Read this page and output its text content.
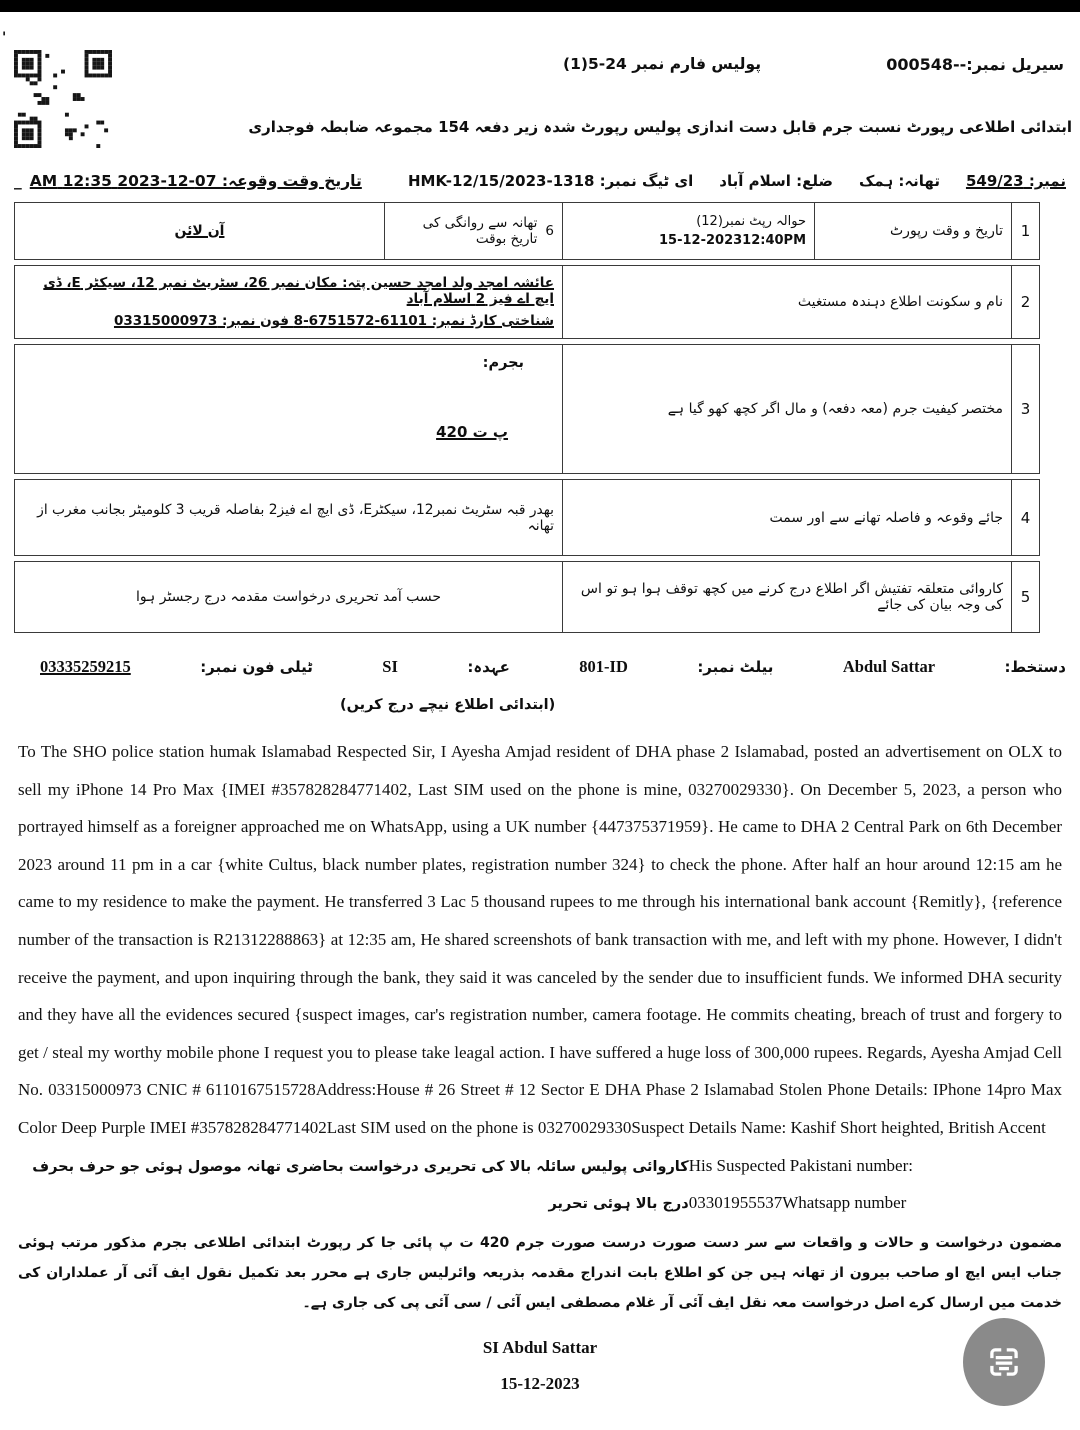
'
سیریل نمبر:--000548
پولیس فارم نمبر 24-5(1)
ابتدائی اطلاعی رپورٹ نسبت جرم قابل دست اندازی پولیس رپورٹ شدہ زیر دفعہ 154 مجموعہ ضابطہ فوجداری
_ تاریخ وقت وقوعہ: 07-12-2023 12:35 AM	نمبر: 549/23
تھانہ: ہمک
ضلع: اسلام آباد
ای ٹیگ نمبر: HMK-12/15/2023-1318
1
تاریخ و وقت رپورٹ
حوالہ رپٹ نمبر(12)
15-12-202312:40PM
6
تھانہ سے روانگی کی تاریخ بوقت
آن لائن
2
نام و سکونت اطلاع دہندہ مستغیث
عائشہ امجد ولد امجد حسین پتہ: مکان نمبر 26، سٹریٹ نمبر 12، سیکٹر E، ڈی ایچ اے فیز 2 اسلام آباد
شناختی کارڈ نمبر: 61101-6751572-8 فون نمبر: 03315000973
3
مختصر کیفیت جرم (معہ دفعہ) و مال اگر کچھ کھو گیا ہے
بجرم:
پ ت 420
4
جائے وقوعہ و فاصلہ تھانے سے اور سمت
بھدر قبہ سٹریٹ نمبر12، سیکٹرE، ڈی ایچ اے فیز2 بفاصلہ قریب 3 کلومیٹر بجانب مغرب از تھانہ
5
کاروائی متعلقہ تفتیش اگر اطلاع درج کرنے میں کچھ توقف ہوا ہو تو اس کی وجہ بیان کی جائے
حسب آمد تحریری درخواست مقدمہ درج رجسٹر ہوا
دستخط:
Abdul Sattar
بیلٹ نمبر:
801-ID
عہدہ:
SI
ٹیلی فون نمبر:
03335259215
(ابتدائی اطلاع نیچے درج کریں)
To The SHO police station humak Islamabad Respected Sir, I Ayesha Amjad resident of DHA phase 2 Islamabad, posted an advertisement on OLX to sell my iPhone 14 Pro Max {IMEI #357828284771402, Last SIM used on the phone is mine, 03270029330}. On December 5, 2023, a person who portrayed himself as a foreigner approached me on WhatsApp, using a UK number {447375371959}. He came to DHA 2 Central Park on 6th December 2023 around 11 pm in a car {white Cultus, black number plates, registration number 324} to check the phone. After half an hour around 12:15 am he came to my residence to make the payment. He transferred 3 Lac 5 thousand rupees to me through his international bank account {Remitly}, {reference number of the transaction is R21312288863} at 12:35 am, He shared screenshots of bank transaction with me, and left with my phone. However, I didn't receive the payment, and upon inquiring through the bank, they said it was canceled by the sender due to insufficient funds. We informed DHA security and they have all the evidences secured {suspect images, car's registration number, camera footage. He commits cheating, breach of trust and forgery to get / steal my worthy mobile phone I request you to please take leagal action. I have suffered a huge loss of 300,000 rupees. Regards, Ayesha Amjad Cell No. 03315000973 CNIC # 6110167515728Address:House # 26 Street # 12 Sector E DHA Phase 2 Islamabad Stolen Phone Details: IPhone 14pro Max Color Deep Purple IMEI #357828284771402Last SIM used on the phone is 03270029330Suspect Details Name: Kashif Short heighted, British Accent
کاروائی پولیس سائلہ بالا کی تحریری درخواست بحاضری تھانہ موصول ہوئی جو حرف بحرف درج بالا ہوئی تحریر
His Suspected Pakistani number: 03301955537Whatsapp number
مضمون درخواست و حالات و واقعات سے سر دست صورت درست صورت جرم 420 ت پ پائی جا کر رپورٹ ابتدائی اطلاعی بجرم مذکور مرتب ہوئی جناب ایس ایچ او صاحب بیرون از تھانہ ہیں جن کو اطلاع بابت اندراج مقدمہ بذریعہ وائرلیس جاری ہے محرر بعد تکمیل نقول ایف آئی آر عملداران کی خدمت میں ارسال کرے اصل درخواست معہ نقل ایف آئی آر غلام مصطفی ایس آئی / سی آئی پی کی جاری ہے۔
SI Abdul Sattar
15-12-2023
